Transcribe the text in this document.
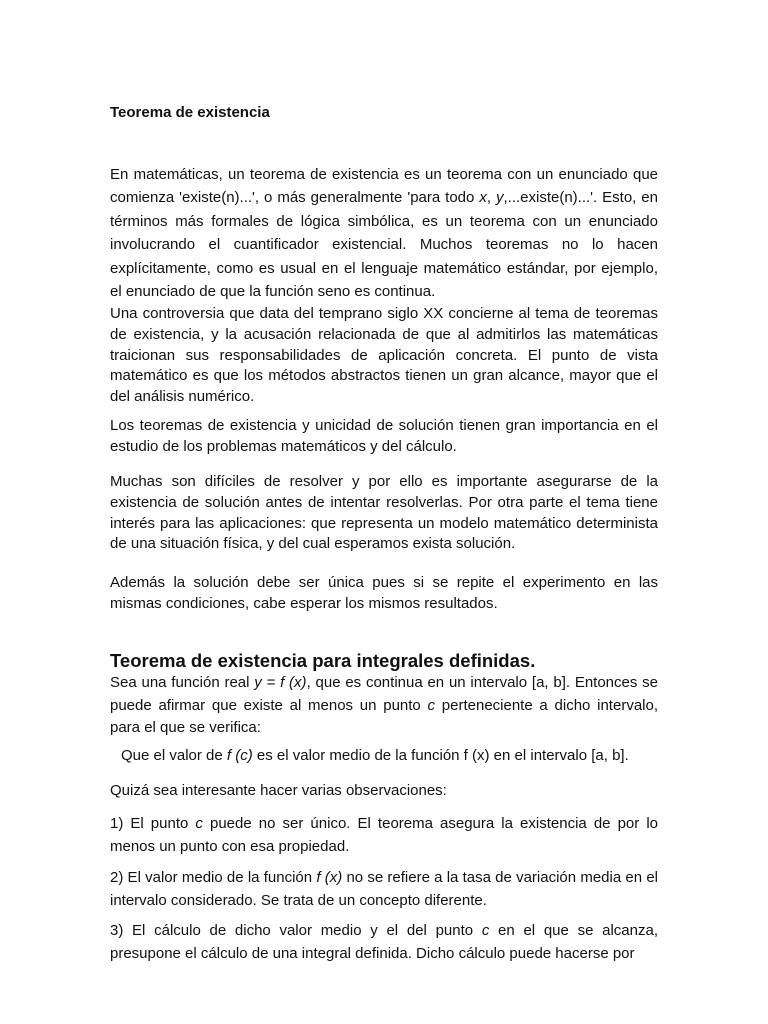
Teorema de existencia

En matemáticas, un teorema de existencia es un teorema con un enunciado que comienza 'existe(n)...', o más generalmente 'para todo x, y,...existe(n)...'. Esto, en términos más formales de lógica simbólica, es un teorema con un enunciado involucrando el cuantificador existencial. Muchos teoremas no lo hacen explícitamente, como es usual en el lenguaje matemático estándar, por ejemplo, el enunciado de que la función seno es continua.

Una controversia que data del temprano siglo XX concierne al tema de teoremas de existencia, y la acusación relacionada de que al admitirlos las matemáticas traicionan sus responsabilidades de aplicación concreta. El punto de vista matemático es que los métodos abstractos tienen un gran alcance, mayor que el del análisis numérico.

Los teoremas de existencia y unicidad de solución tienen gran importancia en el estudio de los problemas matemáticos y del cálculo.

Muchas son difíciles de resolver y por ello es importante asegurarse de la existencia de solución antes de intentar resolverlas. Por otra parte el tema tiene interés para las aplicaciones: que representa un modelo matemático determinista de una situación física, y del cual esperamos exista solución.

Además la solución debe ser única pues si se repite el experimento en las mismas condiciones, cabe esperar los mismos resultados.

Teorema de existencia para integrales definidas.

Sea una función real y = f (x), que es continua en un intervalo [a, b]. Entonces se puede afirmar que existe al menos un punto c perteneciente a dicho intervalo, para el que se verifica:

Que el valor de f (c) es el valor medio de la función f (x) en el intervalo [a, b].

Quizá sea interesante hacer varias observaciones:

1) El punto c puede no ser único. El teorema asegura la existencia de por lo menos un punto con esa propiedad.

2) El valor medio de la función f (x) no se refiere a la tasa de variación media en el intervalo considerado. Se trata de un concepto diferente.

3) El cálculo de dicho valor medio y el del punto c en el que se alcanza, presupone el cálculo de una integral definida. Dicho cálculo puede hacerse por
